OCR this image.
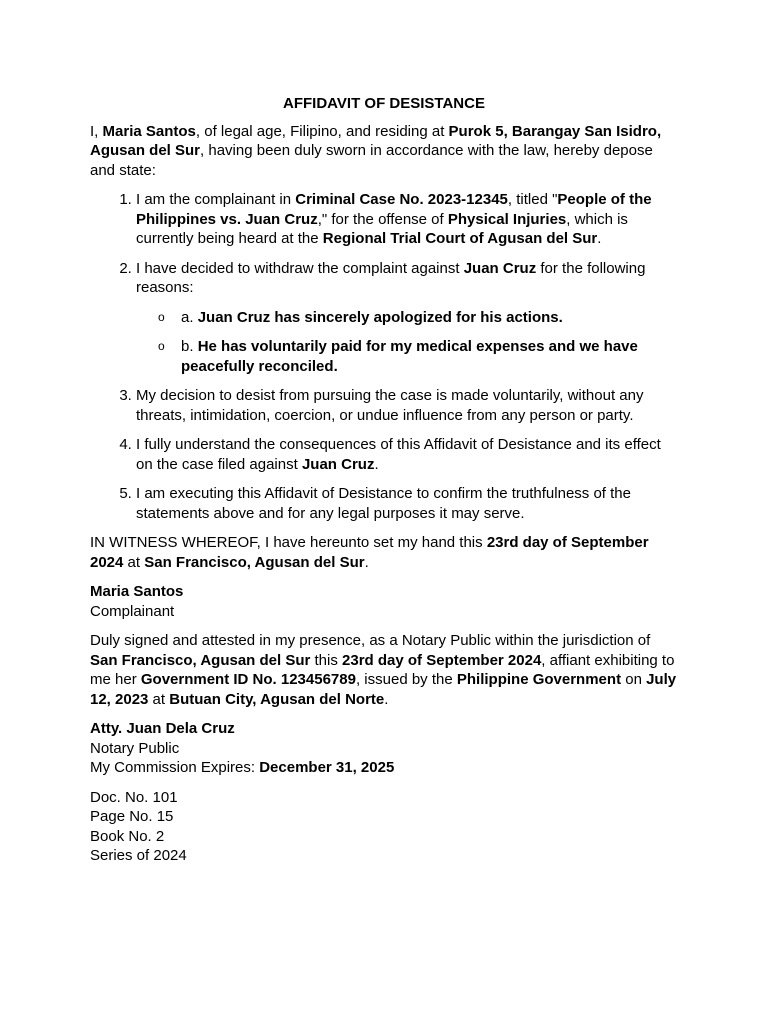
AFFIDAVIT OF DESISTANCE

I, Maria Santos, of legal age, Filipino, and residing at Purok 5, Barangay San Isidro, Agusan del Sur, having been duly sworn in accordance with the law, hereby depose and state:

1. I am the complainant in Criminal Case No. 2023-12345, titled "People of the Philippines vs. Juan Cruz," for the offense of Physical Injuries, which is currently being heard at the Regional Trial Court of Agusan del Sur.
2. I have decided to withdraw the complaint against Juan Cruz for the following reasons:
o a. Juan Cruz has sincerely apologized for his actions.
o b. He has voluntarily paid for my medical expenses and we have peacefully reconciled.
3. My decision to desist from pursuing the case is made voluntarily, without any threats, intimidation, coercion, or undue influence from any person or party.
4. I fully understand the consequences of this Affidavit of Desistance and its effect on the case filed against Juan Cruz.
5. I am executing this Affidavit of Desistance to confirm the truthfulness of the statements above and for any legal purposes it may serve.

IN WITNESS WHEREOF, I have hereunto set my hand this 23rd day of September 2024 at San Francisco, Agusan del Sur.

Maria Santos
Complainant

Duly signed and attested in my presence, as a Notary Public within the jurisdiction of San Francisco, Agusan del Sur this 23rd day of September 2024, affiant exhibiting to me her Government ID No. 123456789, issued by the Philippine Government on July 12, 2023 at Butuan City, Agusan del Norte.

Atty. Juan Dela Cruz
Notary Public
My Commission Expires: December 31, 2025
Doc. No. 101
Page No. 15
Book No. 2
Series of 2024
